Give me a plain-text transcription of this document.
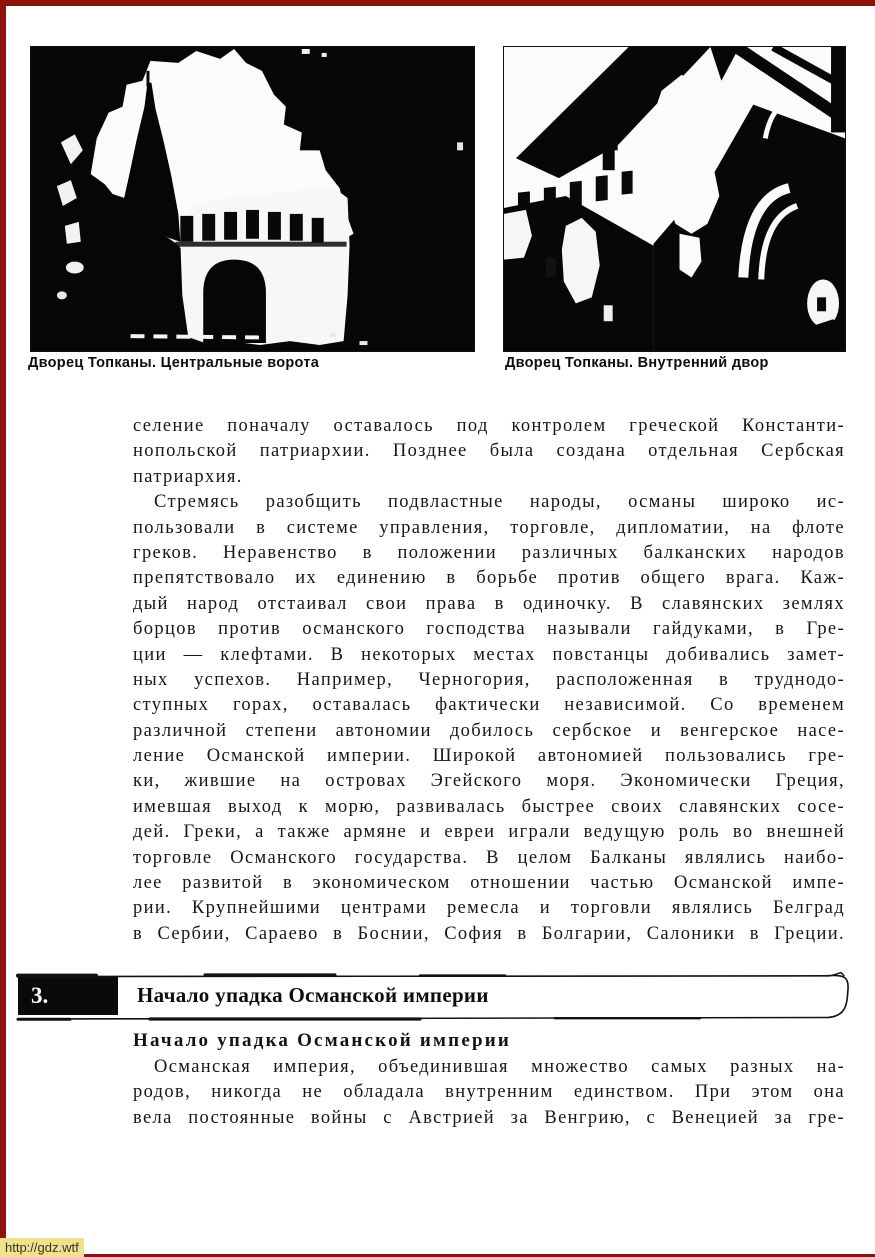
Дворец Топканы. Центральные ворота	Дворец Топканы. Внутренний двор
селение поначалу оставалось под контролем греческой Константи-
нопольской патриархии. Позднее была создана отдельная Сербская
патриархия.
Стремясь разобщить подвластные народы, османы широко ис-
пользовали в системе управления, торговле, дипломатии, на флоте
греков. Неравенство в положении различных балканских народов
препятствовало их единению в борьбе против общего врага. Каж-
дый народ отстаивал свои права в одиночку. В славянских землях
борцов против османского господства называли гайдуками, в Гре-
ции — клефтами. В некоторых местах повстанцы добивались замет-
ных успехов. Например, Черногория, расположенная в труднодо-
ступных горах, оставалась фактически независимой. Со временем
различной степени автономии добилось сербское и венгерское насе-
ление Османской империи. Широкой автономией пользовались гре-
ки, жившие на островах Эгейского моря. Экономически Греция,
имевшая выход к морю, развивалась быстрее своих славянских сосе-
дей. Греки, а также армяне и евреи играли ведущую роль во внешней
торговле Османского государства. В целом Балканы являлись наибо-
лее развитой в экономическом отношении частью Османской импе-
рии. Крупнейшими центрами ремесла и торговли являлись Белград
в Сербии, Сараево в Боснии, София в Болгарии, Салоники в Греции.
3.	Начало упадка Османской империи
Начало упадка Османской империи
Османская империя, объединившая множество самых разных на-
родов, никогда не обладала внутренним единством. При этом она
вела постоянные войны с Австрией за Венгрию, с Венецией за гре-
http://gdz.wtf
